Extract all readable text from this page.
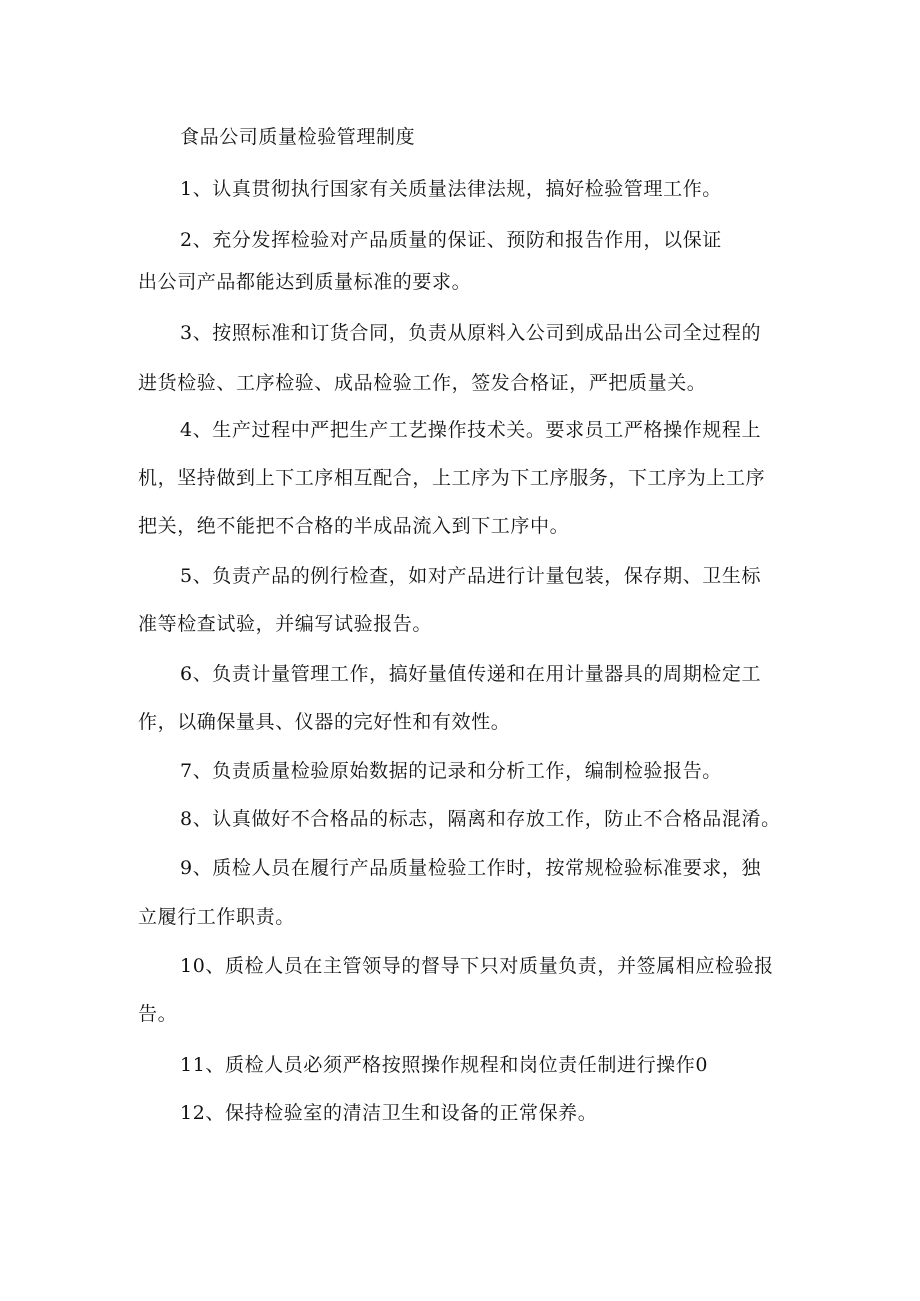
食品公司质量检验管理制度
1、认真贯彻执行国家有关质量法律法规，搞好检验管理工作。
2、充分发挥检验对产品质量的保证、预防和报告作用，以保证
出公司产品都能达到质量标准的要求。
3、按照标准和订货合同，负责从原料入公司到成品出公司全过程的
进货检验、工序检验、成品检验工作，签发合格证，严把质量关。
4、生产过程中严把生产工艺操作技术关。要求员工严格操作规程上
机，坚持做到上下工序相互配合，上工序为下工序服务，下工序为上工序
把关，绝不能把不合格的半成品流入到下工序中。
5、负责产品的例行检查，如对产品进行计量包装，保存期、卫生标
准等检查试验，并编写试验报告。
6、负责计量管理工作，搞好量值传递和在用计量器具的周期检定工
作，以确保量具、仪器的完好性和有效性。
7、负责质量检验原始数据的记录和分析工作，编制检验报告。
8、认真做好不合格品的标志，隔离和存放工作，防止不合格品混淆。
9、质检人员在履行产品质量检验工作时，按常规检验标准要求，独
立履行工作职责。
10、质检人员在主管领导的督导下只对质量负责，并签属相应检验报
告。
11、质检人员必须严格按照操作规程和岗位责任制进行操作0
12、保持检验室的清洁卫生和设备的正常保养。
